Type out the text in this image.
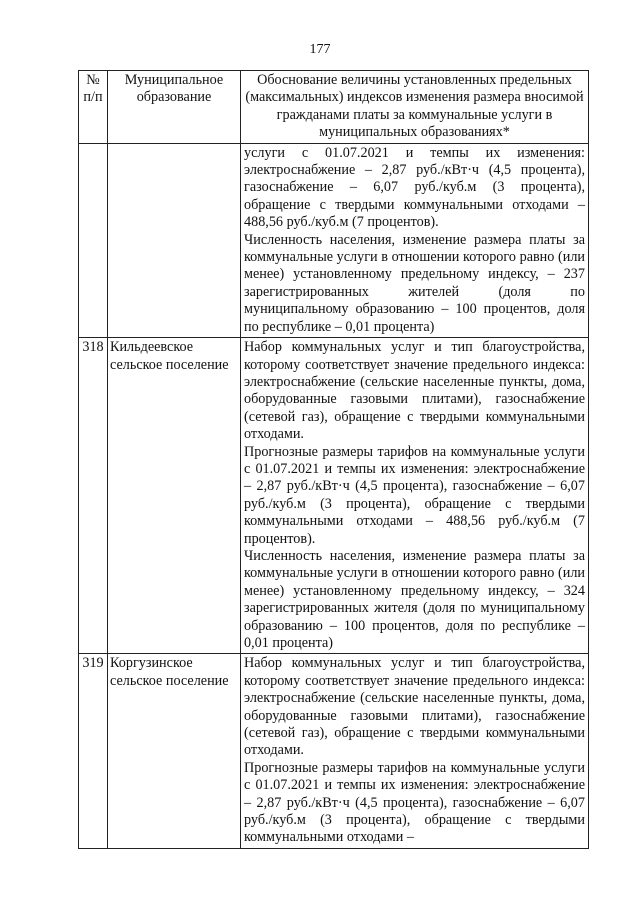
177
№ п/п	Муниципальное образование	Обоснование величины установленных предельных (максимальных) индексов изменения размера вносимой гражданами платы за коммунальные услуги в муниципальных образованиях*

		услуги с 01.07.2021 и темпы их изменения: электроснабжение – 2,87 руб./кВт·ч (4,5 процента), газоснабжение – 6,07 руб./куб.м (3 процента), обращение с твердыми коммунальными отходами – 488,56 руб./куб.м (7 процентов).

Численность населения, изменение размера платы за коммунальные услуги в отношении которого равно (или менее) установленному предельному индексу, – 237 зарегистрированных жителей (доля по муниципальному образованию – 100 процентов, доля по республике – 0,01 процента)

318	Кильдеевское сельское поселение	Набор коммунальных услуг и тип благоустройства, которому соответствует значение предельного индекса: электроснабжение (сельские населенные пункты, дома, оборудованные газовыми плитами), газоснабжение (сетевой газ), обращение с твердыми коммунальными отходами.

Прогнозные размеры тарифов на коммунальные услуги с 01.07.2021 и темпы их изменения: электроснабжение – 2,87 руб./кВт·ч (4,5 процента), газоснабжение – 6,07 руб./куб.м (3 процента), обращение с твердыми коммунальными отходами – 488,56 руб./куб.м (7 процентов).

Численность населения, изменение размера платы за коммунальные услуги в отношении которого равно (или менее) установленному предельному индексу, – 324 зарегистрированных жителя (доля по муниципальному образованию – 100 процентов, доля по республике – 0,01 процента)

319	Коргузинское сельское поселение	Набор коммунальных услуг и тип благоустройства, которому соответствует значение предельного индекса: электроснабжение (сельские населенные пункты, дома, оборудованные газовыми плитами), газоснабжение (сетевой газ), обращение с твердыми коммунальными отходами.

Прогнозные размеры тарифов на коммунальные услуги с 01.07.2021 и темпы их изменения: электроснабжение – 2,87 руб./кВт·ч (4,5 процента), газоснабжение – 6,07 руб./куб.м (3 процента), обращение с твердыми коммунальными отходами –
